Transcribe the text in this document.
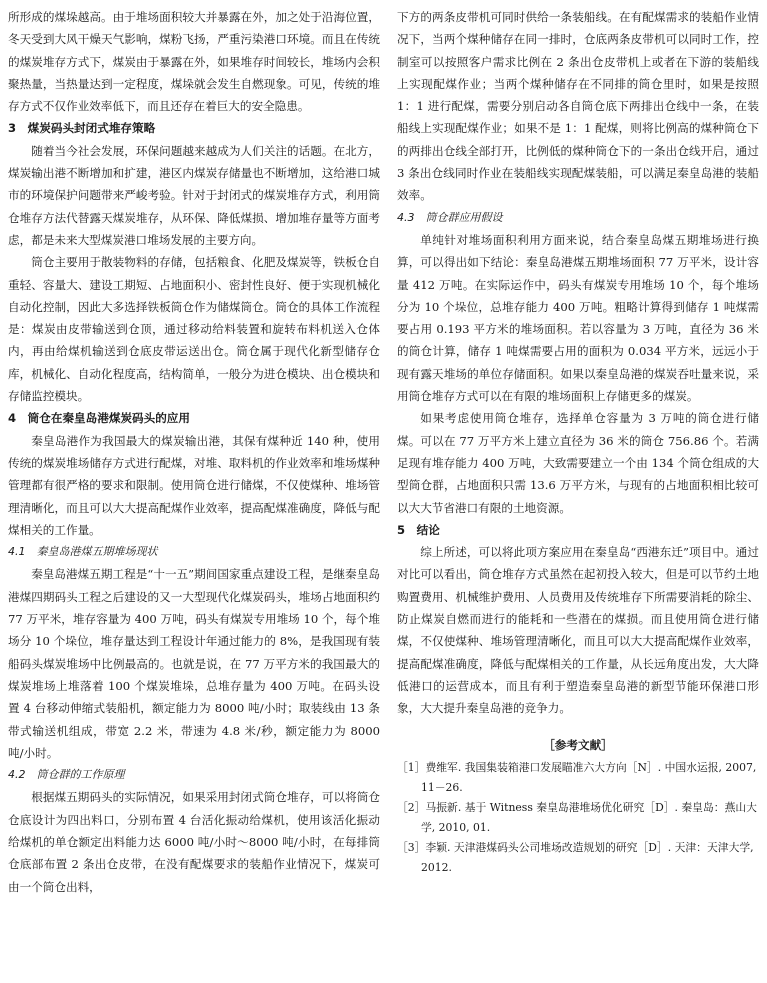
所形成的煤垛越高。由于堆场面积较大并暴露在外，加之处于沿海位置，冬天受到大风干燥天气影响，煤粉飞扬，严重污染港口环境。而且在传统的煤炭堆存方式下，煤炭由于暴露在外，如果堆存时间较长，堆场内会积聚热量，当热量达到一定程度，煤垛就会发生自燃现象。可见，传统的堆存方式不仅作业效率低下，而且还存在着巨大的安全隐患。

3　煤炭码头封闭式堆存策略

随着当今社会发展，环保问题越来越成为人们关注的话题。在北方，煤炭输出港不断增加和扩建，港区内煤炭存储量也不断增加，这给港口城市的环境保护问题带来严峻考验。针对于封闭式的煤炭堆存方式，利用筒仓堆存方法代替露天煤炭堆存，从环保、降低煤损、增加堆存量等方面考虑，都是未来大型煤炭港口堆场发展的主要方向。

筒仓主要用于散装物料的存储，包括粮食、化肥及煤炭等，铁板仓自重轻、容量大、建设工期短、占地面积小、密封性良好、便于实现机械化自动化控制，因此大多选择铁板筒仓作为储煤筒仓。筒仓的具体工作流程是：煤炭由皮带输送到仓顶，通过移动给料装置和旋转布料机送入仓体内，再由给煤机输送到仓底皮带运送出仓。筒仓属于现代化新型储存仓库，机械化、自动化程度高，结构简单，一般分为进仓模块、出仓模块和存储监控模块。

4　筒仓在秦皇岛港煤炭码头的应用

秦皇岛港作为我国最大的煤炭输出港，其保有煤种近 140 种，使用传统的煤炭堆场储存方式进行配煤，对堆、取料机的作业效率和堆场煤种管理都有很严格的要求和限制。使用筒仓进行储煤，不仅使煤种、堆场管理清晰化，而且可以大大提高配煤作业效率，提高配煤准确度，降低与配煤相关的工作量。

4.1　秦皇岛港煤五期堆场现状

秦皇岛港煤五期工程是“十一五”期间国家重点建设工程，是继秦皇岛港煤四期码头工程之后建设的又一大型现代化煤炭码头，堆场占地面积约 77 万平米，堆存容量为 400 万吨，码头有煤炭专用堆场 10 个，每个堆场分 10 个垛位，堆存量达到工程设计年通过能力的 8%，是我国现有装船码头煤炭堆场中比例最高的。也就是说，在 77 万平方米的我国最大的煤炭堆场上堆落着 100 个煤炭堆垛，总堆存量为 400 万吨。在码头设置 4 台移动伸缩式装船机，额定能力为 8000 吨/小时；取装线由 13 条带式输送机组成，带宽 2.2 米，带速为 4.8 米/秒，额定能力为 8000 吨/小时。

4.2　筒仓群的工作原理

根据煤五期码头的实际情况，如果采用封闭式筒仓堆存，可以将筒仓仓底设计为四出料口，分别布置 4 台活化振动给煤机，使用该活化振动给煤机的单仓额定出料能力达 6000 吨/小时～8000 吨/小时，在每排筒仓底部布置 2 条出仓皮带，在没有配煤要求的装船作业情况下，煤炭可由一个筒仓出料，

下方的两条皮带机可同时供给一条装船线。在有配煤需求的装船作业情况下，当两个煤种储存在同一排时，仓底两条皮带机可以同时工作，控制室可以按照客户需求比例在 2 条出仓皮带机上或者在下游的装船线上实现配煤作业；当两个煤种储存在不同排的筒仓里时，如果是按照 1：1 进行配煤，需要分别启动各自筒仓底下两排出仓线中一条，在装船线上实现配煤作业；如果不是 1：1 配煤，则将比例高的煤种筒仓下的两排出仓线全部打开，比例低的煤种筒仓下的一条出仓线开启，通过 3 条出仓线同时作业在装船线实现配煤装船，可以满足秦皇岛港的装船效率。

4.3　筒仓群应用假设

单纯针对堆场面积利用方面来说，结合秦皇岛煤五期堆场进行换算，可以得出如下结论：秦皇岛港煤五期堆场面积 77 万平米，设计容量 412 万吨。在实际运作中，码头有煤炭专用堆场 10 个，每个堆场分为 10 个垛位，总堆存能力 400 万吨。粗略计算得到储存 1 吨煤需要占用 0.193 平方米的堆场面积。若以容量为 3 万吨，直径为 36 米的筒仓计算，储存 1 吨煤需要占用的面积为 0.034 平方米，远远小于现有露天堆场的单位存储面积。如果以秦皇岛港的煤炭吞吐量来说，采用筒仓堆存方式可以在有限的堆场面积上存储更多的煤炭。

如果考虑使用筒仓堆存，选择单仓容量为 3 万吨的筒仓进行储煤。可以在 77 万平方米上建立直径为 36 米的筒仓 756.86 个。若满足现有堆存能力 400 万吨，大致需要建立一个由 134 个筒仓组成的大型筒仓群，占地面积只需 13.6 万平方米，与现有的占地面积相比较可以大大节省港口有限的土地资源。

5　结论

综上所述，可以将此项方案应用在秦皇岛“西港东迁”项目中。通过对比可以看出，筒仓堆存方式虽然在起初投入较大，但是可以节约土地购置费用、机械维护费用、人员费用及传统堆存下所需要消耗的除尘、防止煤炭自燃而进行的能耗和一些潜在的煤损。而且使用筒仓进行储煤，不仅使煤种、堆场管理清晰化，而且可以大大提高配煤作业效率，提高配煤准确度，降低与配煤相关的工作量，从长远角度出发，大大降低港口的运营成本，而且有利于塑造秦皇岛港的新型节能环保港口形象，大大提升秦皇岛港的竞争力。

［参考文献］

［1］费维军. 我国集装箱港口发展瞄准六大方向［N］. 中国水运报, 2007, 11－26.

［2］马振新. 基于 Witness 秦皇岛港堆场优化研究［D］. 秦皇岛：燕山大学, 2010, 01.

［3］李颖. 天津港煤码头公司堆场改造规划的研究［D］. 天津：天津大学, 2012.
